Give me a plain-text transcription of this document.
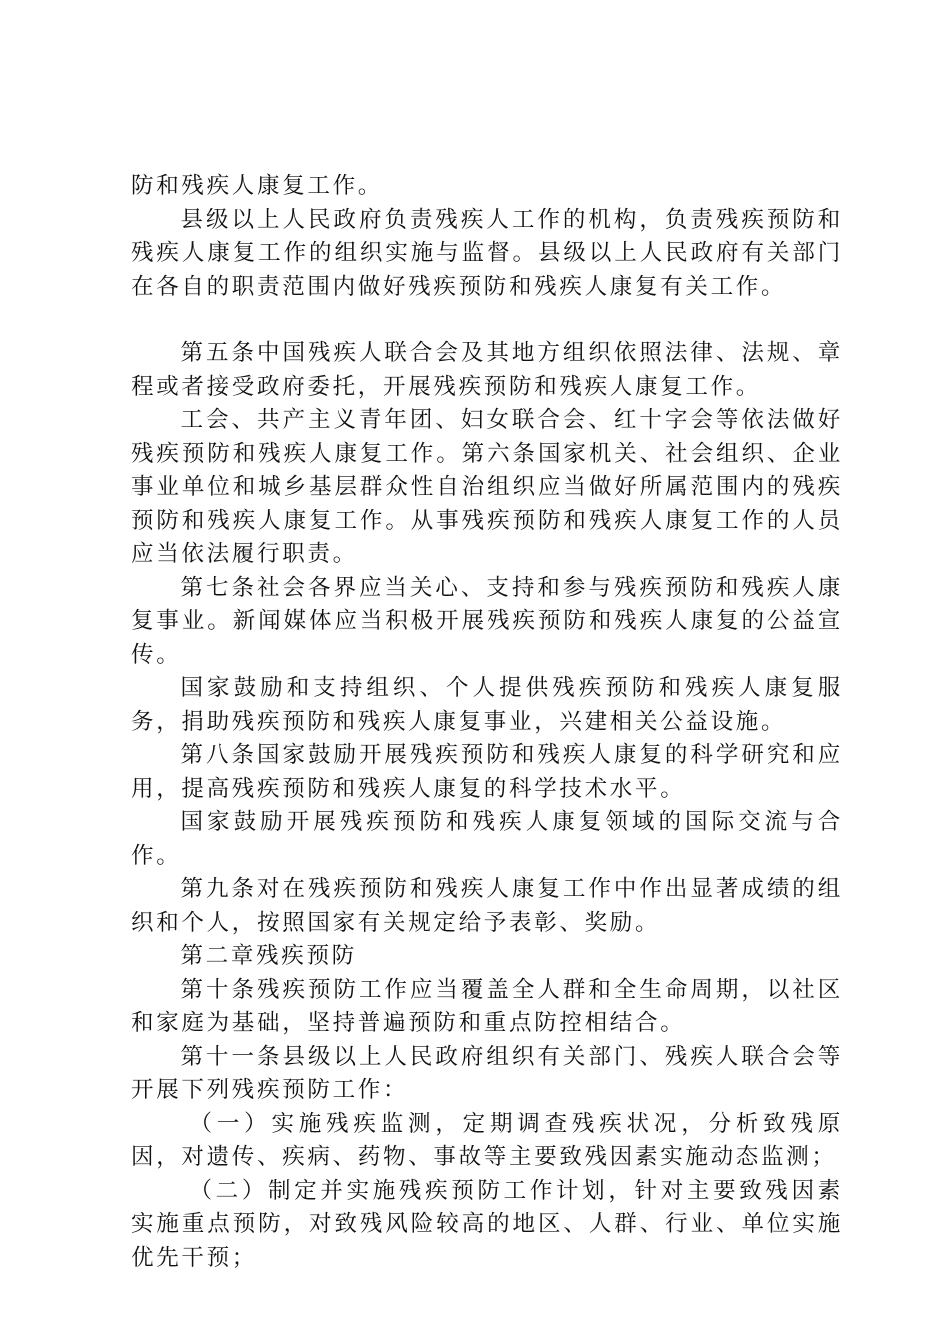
防和残疾人康复工作。

县级以上人民政府负责残疾人工作的机构，负责残疾预防和残疾人康复工作的组织实施与监督。县级以上人民政府有关部门在各自的职责范围内做好残疾预防和残疾人康复有关工作。

第五条中国残疾人联合会及其地方组织依照法律、法规、章程或者接受政府委托，开展残疾预防和残疾人康复工作。

工会、共产主义青年团、妇女联合会、红十字会等依法做好残疾预防和残疾人康复工作。第六条国家机关、社会组织、企业事业单位和城乡基层群众性自治组织应当做好所属范围内的残疾预防和残疾人康复工作。从事残疾预防和残疾人康复工作的人员应当依法履行职责。

第七条社会各界应当关心、支持和参与残疾预防和残疾人康复事业。新闻媒体应当积极开展残疾预防和残疾人康复的公益宣传。

国家鼓励和支持组织、个人提供残疾预防和残疾人康复服务，捐助残疾预防和残疾人康复事业，兴建相关公益设施。

第八条国家鼓励开展残疾预防和残疾人康复的科学研究和应用，提高残疾预防和残疾人康复的科学技术水平。

国家鼓励开展残疾预防和残疾人康复领域的国际交流与合作。

第九条对在残疾预防和残疾人康复工作中作出显著成绩的组织和个人，按照国家有关规定给予表彰、奖励。

第二章残疾预防

第十条残疾预防工作应当覆盖全人群和全生命周期，以社区和家庭为基础，坚持普遍预防和重点防控相结合。

第十一条县级以上人民政府组织有关部门、残疾人联合会等开展下列残疾预防工作：

（一）实施残疾监测，定期调查残疾状况，分析致残原因，对遗传、疾病、药物、事故等主要致残因素实施动态监测；

（二）制定并实施残疾预防工作计划，针对主要致残因素实施重点预防，对致残风险较高的地区、人群、行业、单位实施优先干预；
